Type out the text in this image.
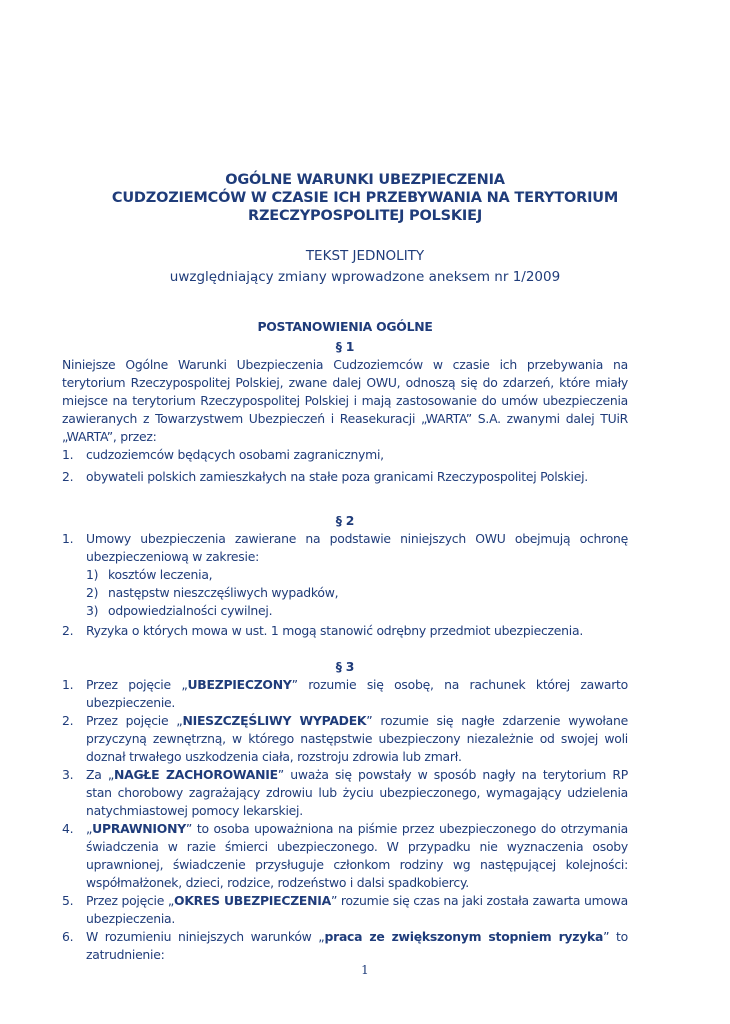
OGÓLNE WARUNKI UBEZPIECZENIA
CUDZOZIEMCÓW W CZASIE ICH PRZEBYWANIA NA TERYTORIUM
RZECZYPOSPOLITEJ POLSKIEJ
TEKST JEDNOLITY
uwzględniający zmiany wprowadzone aneksem nr 1/2009
POSTANOWIENIA OGÓLNE
§ 1
Niniejsze Ogólne Warunki Ubezpieczenia Cudzoziemców w czasie ich przebywania na terytorium Rzeczypospolitej Polskiej, zwane dalej OWU, odnoszą się do zdarzeń, które miały miejsce na terytorium Rzeczypospolitej Polskiej i mają zastosowanie do umów ubezpieczenia zawieranych z Towarzystwem Ubezpieczeń i Reasekuracji „WARTA” S.A. zwanymi dalej TUiR „WARTA”, przez:
1. cudzoziemców będących osobami zagranicznymi,
2. obywateli polskich zamieszkałych na stałe poza granicami Rzeczypospolitej Polskiej.
§ 2
1. Umowy ubezpieczenia zawierane na podstawie niniejszych OWU obejmują ochronę ubezpieczeniową w zakresie:
1) kosztów leczenia,
2) następstw nieszczęśliwych wypadków,
3) odpowiedzialności cywilnej.
2. Ryzyka o których mowa w ust. 1 mogą stanowić odrębny przedmiot ubezpieczenia.
§ 3
1. Przez pojęcie „UBEZPIECZONY” rozumie się osobę, na rachunek której zawarto ubezpieczenie.
2. Przez pojęcie „NIESZCZĘŚLIWY WYPADEK” rozumie się nagłe zdarzenie wywołane przyczyną zewnętrzną, w którego następstwie ubezpieczony niezależnie od swojej woli doznał trwałego uszkodzenia ciała, rozstroju zdrowia lub zmarł.
3. Za „NAGŁE ZACHOROWANIE” uważa się powstały w sposób nagły na terytorium RP stan chorobowy zagrażający zdrowiu lub życiu ubezpieczonego, wymagający udzielenia natychmiastowej pomocy lekarskiej.
4. „UPRAWNIONY” to osoba upoważniona na piśmie przez ubezpieczonego do otrzymania świadczenia w razie śmierci ubezpieczonego. W przypadku nie wyznaczenia osoby uprawnionej, świadczenie przysługuje członkom rodziny wg następującej kolejności: współmałżonek, dzieci, rodzice, rodzeństwo i dalsi spadkobiercy.
5. Przez pojęcie „OKRES UBEZPIECZENIA” rozumie się czas na jaki została zawarta umowa ubezpieczenia.
6. W rozumieniu niniejszych warunków „praca ze zwiększonym stopniem ryzyka” to zatrudnienie:
1
